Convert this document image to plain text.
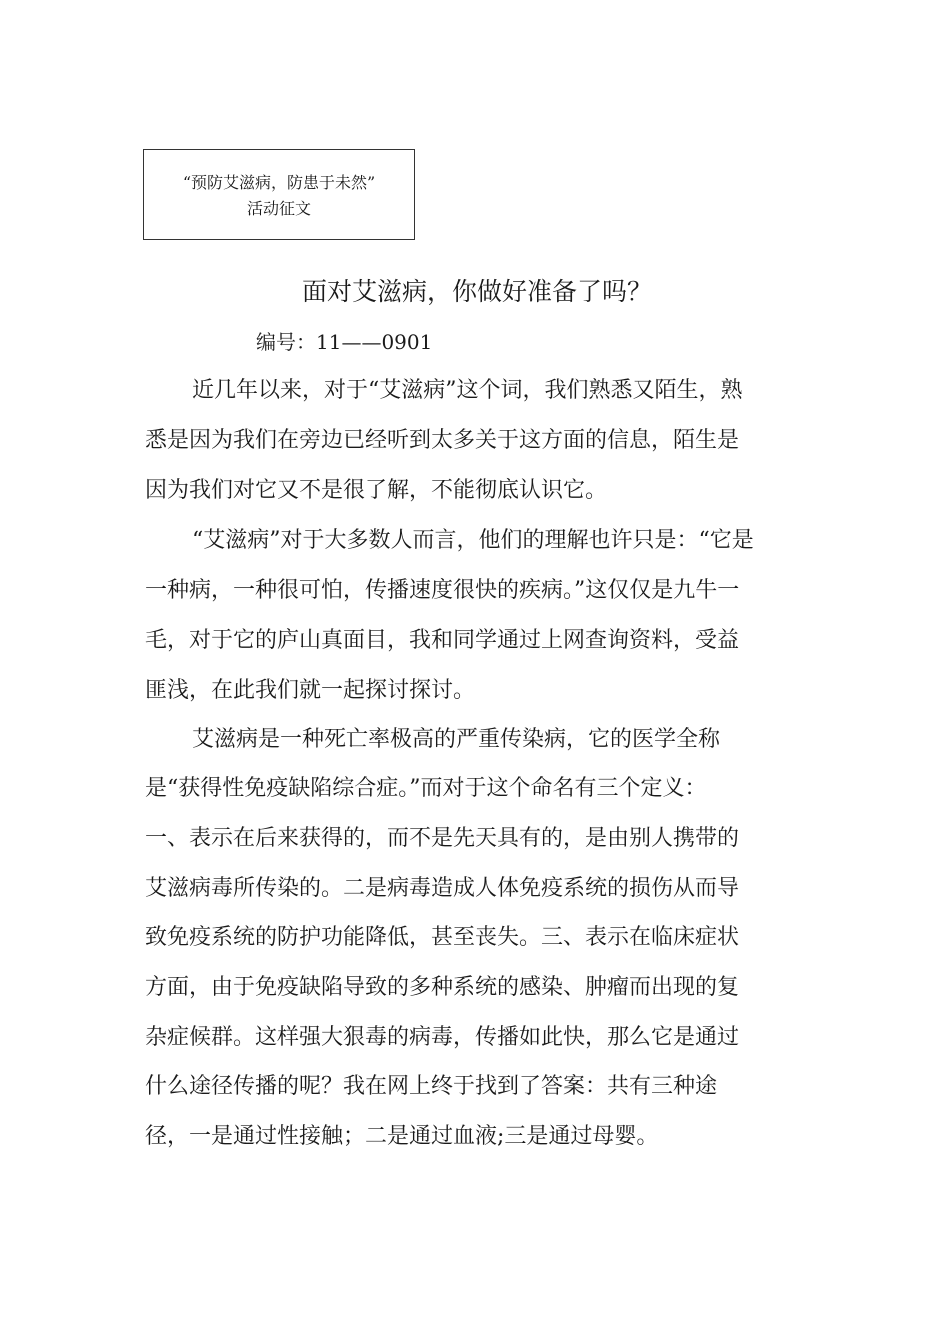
“预防艾滋病，防患于未然”
活动征文
面对艾滋病，你做好准备了吗？
编号：11——0901
近几年以来，对于“艾滋病”这个词，我们熟悉又陌生，熟
悉是因为我们在旁边已经听到太多关于这方面的信息，陌生是
因为我们对它又不是很了解，不能彻底认识它。
“艾滋病”对于大多数人而言，他们的理解也许只是：“它是
一种病，一种很可怕，传播速度很快的疾病。”这仅仅是九牛一
毛，对于它的庐山真面目，我和同学通过上网查询资料，受益
匪浅，在此我们就一起探讨探讨。
艾滋病是一种死亡率极高的严重传染病，它的医学全称
是“获得性免疫缺陷综合症。”而对于这个命名有三个定义：
一、表示在后来获得的，而不是先天具有的，是由别人携带的
艾滋病毒所传染的。二是病毒造成人体免疫系统的损伤从而导
致免疫系统的防护功能降低，甚至丧失。三、表示在临床症状
方面，由于免疫缺陷导致的多种系统的感染、肿瘤而出现的复
杂症候群。这样强大狠毒的病毒，传播如此快，那么它是通过
什么途径传播的呢？我在网上终于找到了答案：共有三种途
径，一是通过性接触；二是通过血液;三是通过母婴。
